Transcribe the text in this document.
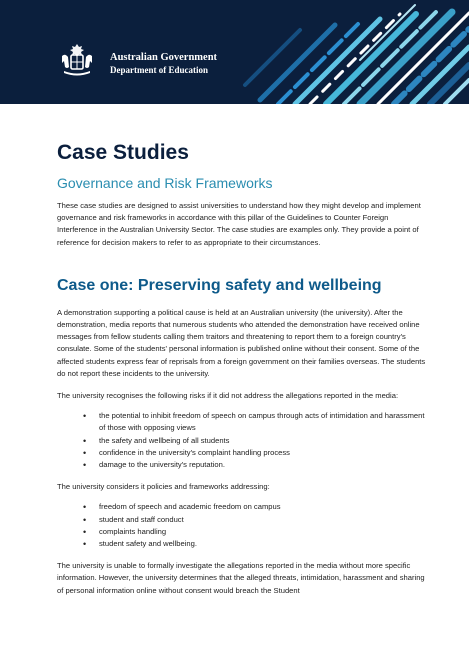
Australian Government
Department of Education
Case Studies
Governance and Risk Frameworks

These case studies are designed to assist universities to understand how they might develop and implement governance and risk frameworks in accordance with this pillar of the Guidelines to Counter Foreign Interference in the Australian University Sector. The case studies are examples only. They provide a point of reference for decision makers to refer to as appropriate to their circumstances.

Case one: Preserving safety and wellbeing

A demonstration supporting a political cause is held at an Australian university (the university). After the demonstration, media reports that numerous students who attended the demonstration have received online messages from fellow students calling them traitors and threatening to report them to a foreign country's consulate. Some of the students' personal information is published online without their consent. Some of the affected students express fear of reprisals from a foreign government on their families overseas. The students do not report these incidents to the university.

The university recognises the following risks if it did not address the allegations reported in the media:

• the potential to inhibit freedom of speech on campus through acts of intimidation and harassment of those with opposing views
• the safety and wellbeing of all students
• confidence in the university's complaint handling process
• damage to the university's reputation.

The university considers it policies and frameworks addressing:

• freedom of speech and academic freedom on campus
• student and staff conduct
• complaints handling
• student safety and wellbeing.

The university is unable to formally investigate the allegations reported in the media without more specific information. However, the university determines that the alleged threats, intimidation, harassment and sharing of personal information online without consent would breach the Student
